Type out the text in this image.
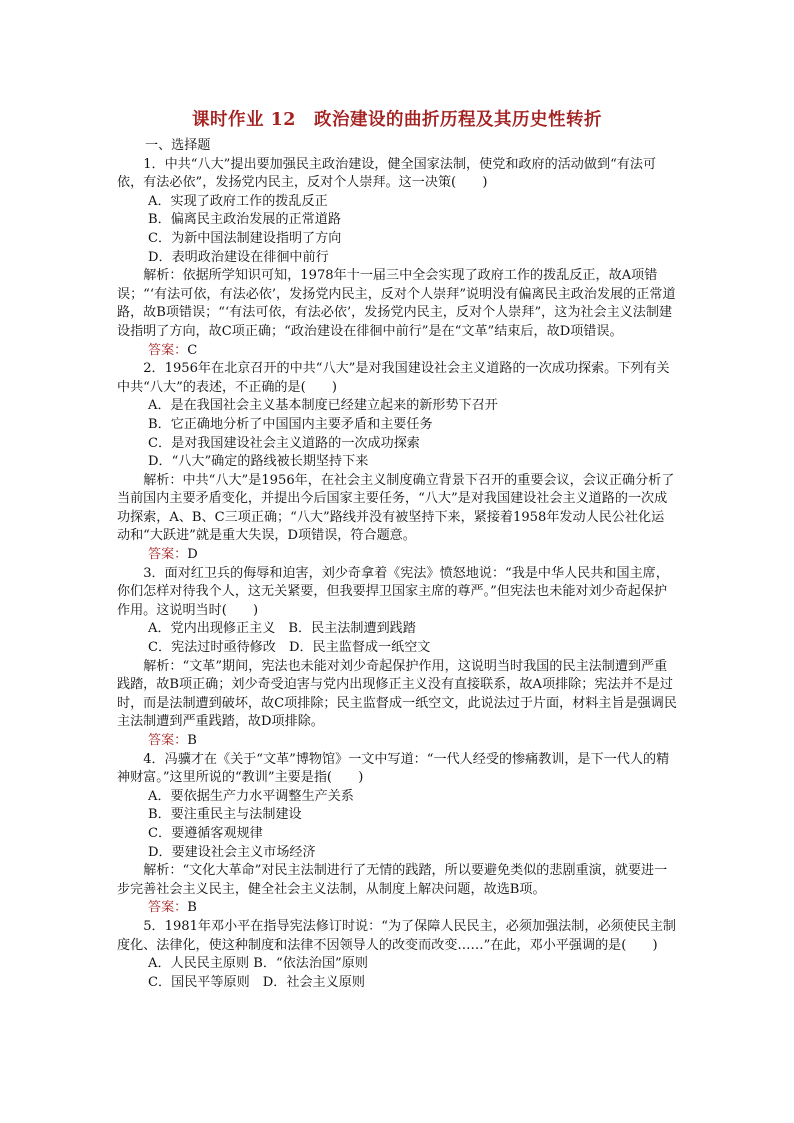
课时作业 12　政治建设的曲折历程及其历史性转折

一、选择题

1．中共“八大”提出要加强民主政治建设，健全国家法制，使党和政府的活动做到“有法可依，有法必依”，发扬党内民主，反对个人崇拜。这一决策(　　)

A．实现了政府工作的拨乱反正

B．偏离民主政治发展的正常道路

C．为新中国法制建设指明了方向

D．表明政治建设在徘徊中前行

解析：依据所学知识可知，1978年十一届三中全会实现了政府工作的拨乱反正，故A项错误；“‘有法可依，有法必依’，发扬党内民主，反对个人崇拜”说明没有偏离民主政治发展的正常道路，故B项错误；“‘有法可依，有法必依’，发扬党内民主，反对个人崇拜”，这为社会主义法制建设指明了方向，故C项正确；“政治建设在徘徊中前行”是在“文革”结束后，故D项错误。

答案：C

2．1956年在北京召开的中共“八大”是对我国建设社会主义道路的一次成功探索。下列有关中共“八大”的表述，不正确的是(　　)

A．是在我国社会主义基本制度已经建立起来的新形势下召开

B．它正确地分析了中国国内主要矛盾和主要任务

C．是对我国建设社会主义道路的一次成功探索

D．“八大”确定的路线被长期坚持下来

解析：中共“八大”是1956年，在社会主义制度确立背景下召开的重要会议，会议正确分析了当前国内主要矛盾变化，并提出今后国家主要任务，“八大”是对我国建设社会主义道路的一次成功探索，A、B、C三项正确；“八大”路线并没有被坚持下来，紧接着1958年发动人民公社化运动和“大跃进”就是重大失误，D项错误，符合题意。

答案：D

3．面对红卫兵的侮辱和迫害，刘少奇拿着《宪法》愤怒地说：“我是中华人民共和国主席，你们怎样对待我个人，这无关紧要，但我要捍卫国家主席的尊严。”但宪法也未能对刘少奇起保护作用。这说明当时(　　)

A．党内出现修正主义　B．民主法制遭到践踏

C．宪法过时亟待修改　D．民主监督成一纸空文

解析：“文革”期间，宪法也未能对刘少奇起保护作用，这说明当时我国的民主法制遭到严重践踏，故B项正确；刘少奇受迫害与党内出现修正主义没有直接联系，故A项排除；宪法并不是过时，而是法制遭到破坏，故C项排除；民主监督成一纸空文，此说法过于片面，材料主旨是强调民主法制遭到严重践踏，故D项排除。

答案：B

4．冯骥才在《关于“文革”博物馆》一文中写道：“一代人经受的惨痛教训，是下一代人的精神财富。”这里所说的“教训”主要是指(　　)

A．要依据生产力水平调整生产关系

B．要注重民主与法制建设

C．要遵循客观规律

D．要建设社会主义市场经济

解析：“文化大革命”对民主法制进行了无情的践踏，所以要避免类似的悲剧重演，就要进一步完善社会主义民主，健全社会主义法制，从制度上解决问题，故选B项。

答案：B

5．1981年邓小平在指导宪法修订时说：“为了保障人民民主，必须加强法制，必须使民主制度化、法律化，使这种制度和法律不因领导人的改变而改变……”在此，邓小平强调的是(　　)

A．人民民主原则 B．“依法治国”原则

C．国民平等原则　D．社会主义原则
